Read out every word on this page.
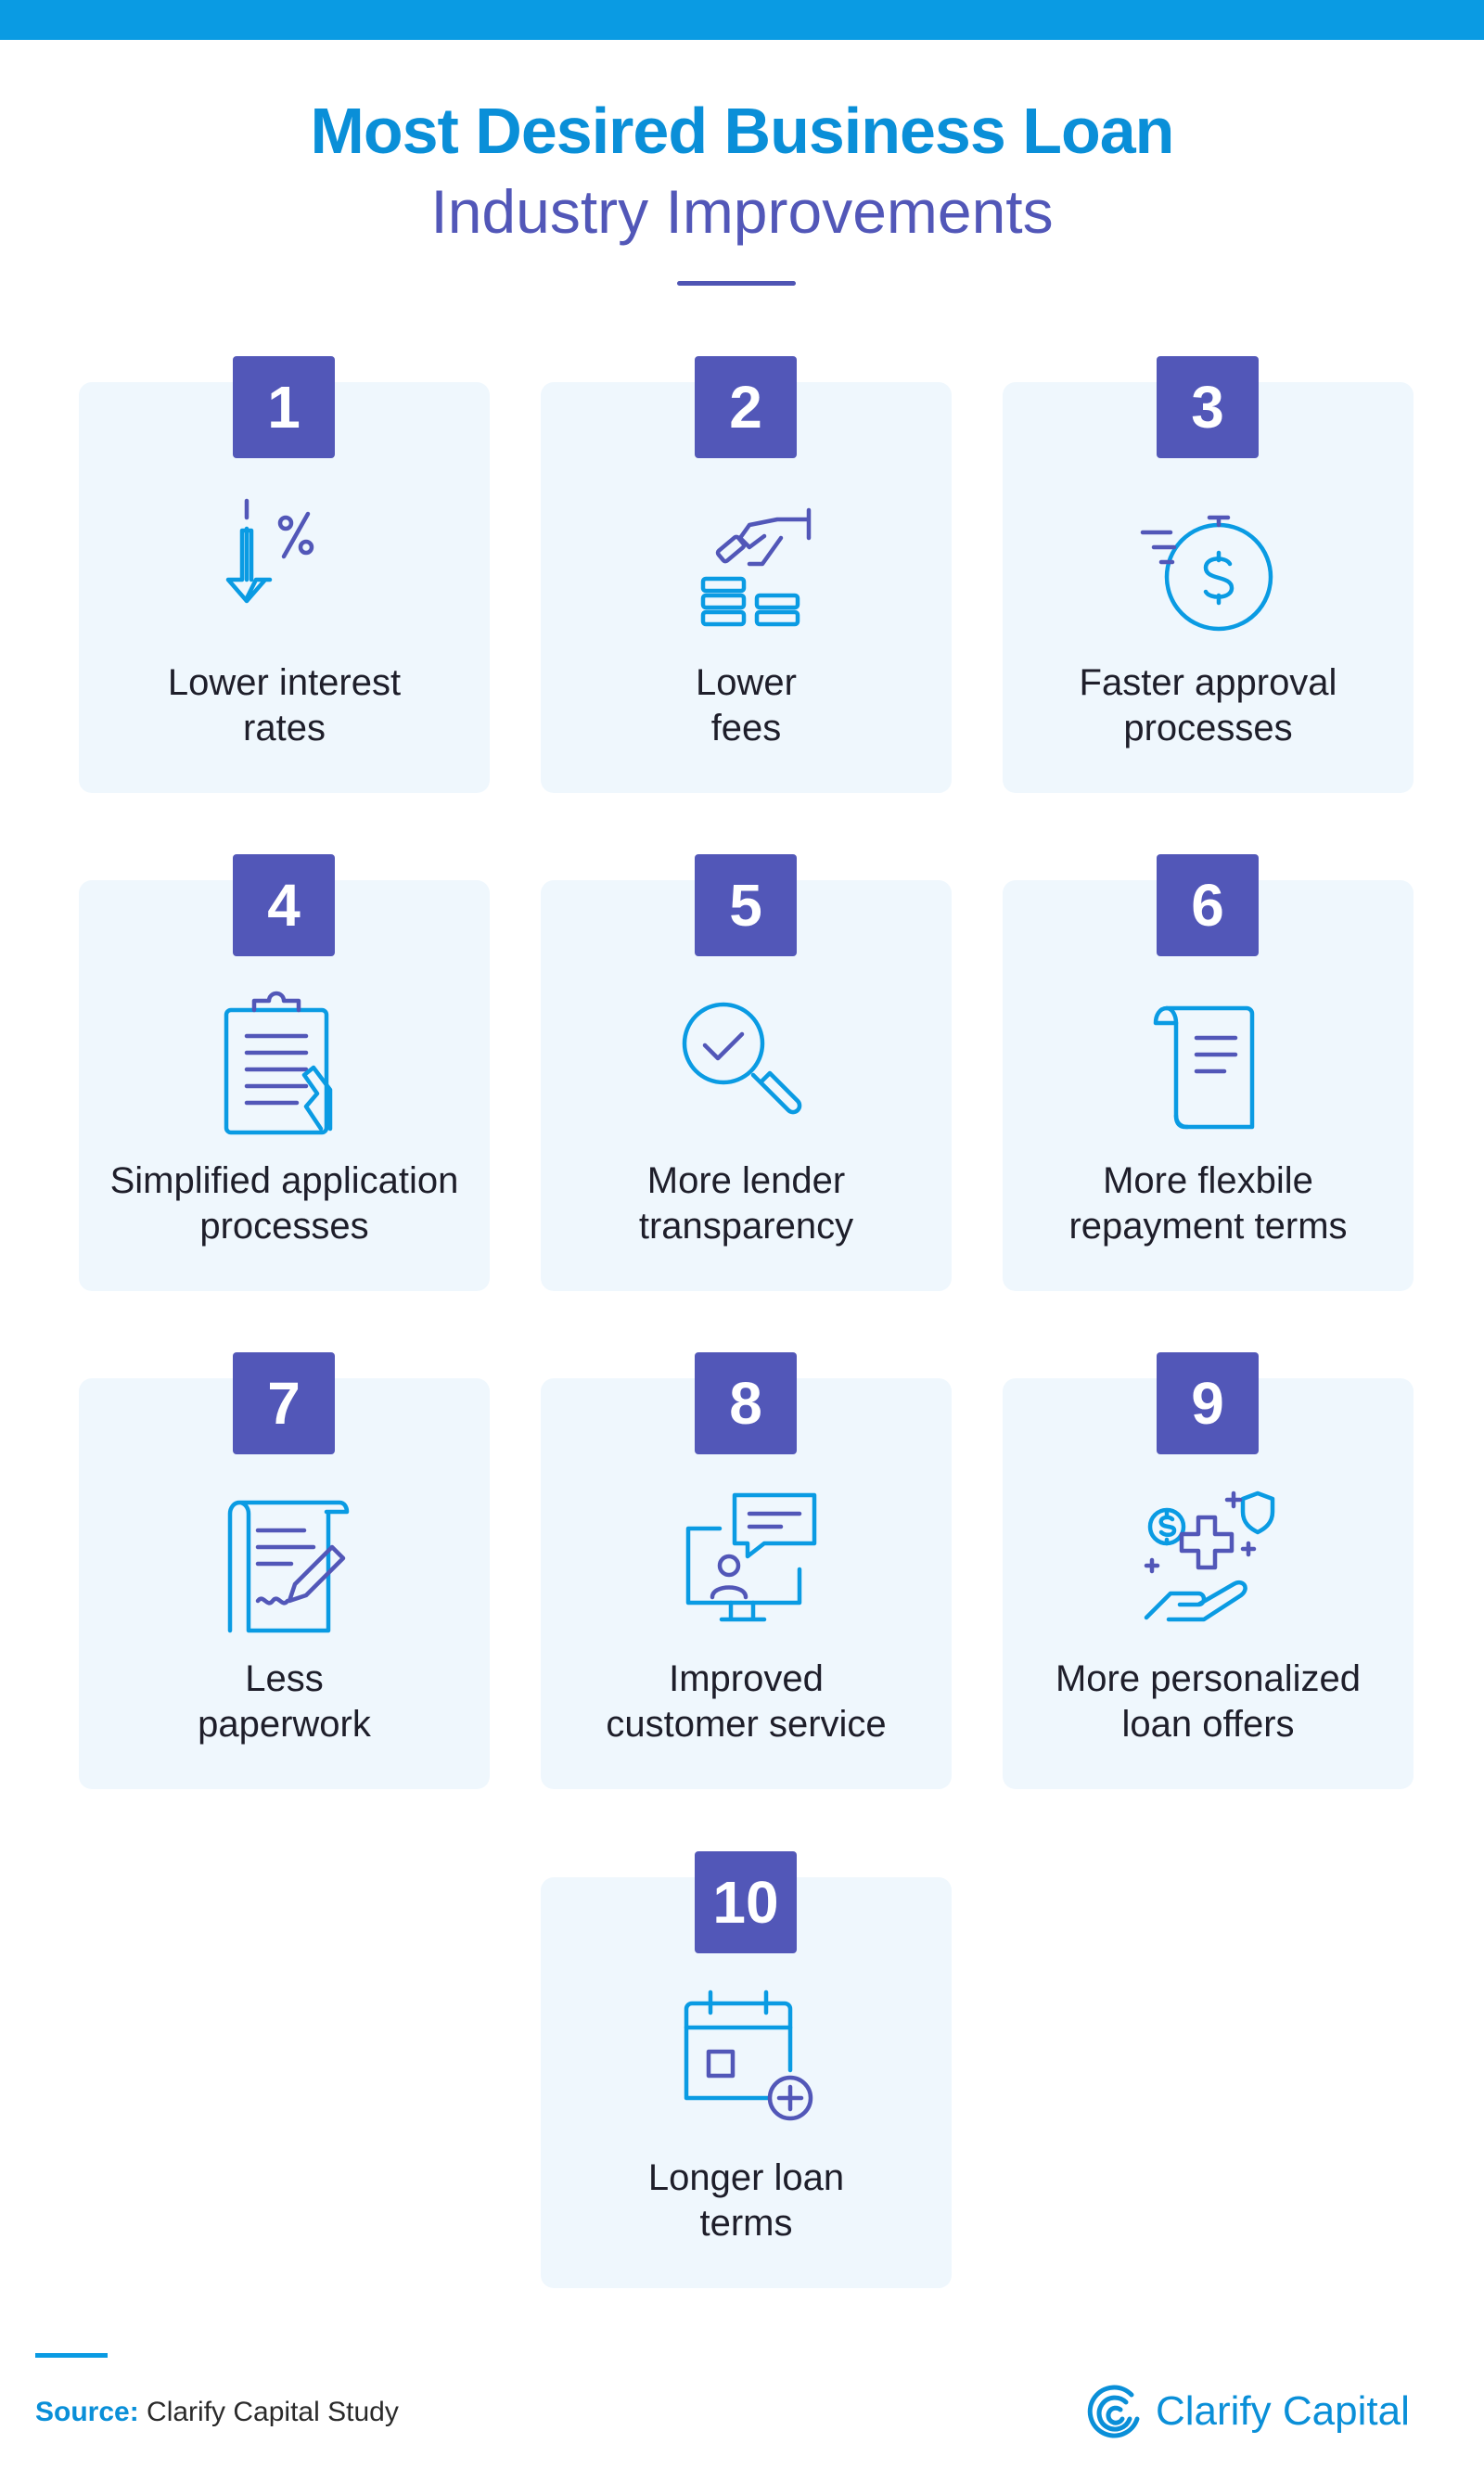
Most Desired Business Loan
Industry Improvements
1
Lower interest
rates
2
Lower
fees
3
Faster approval
processes
4
Simplified application
processes
5
More lender
transparency
6
More flexbile
repayment terms
7
Less
paperwork
8
Improved
customer service
9
More personalized
loan offers
10
Longer loan
terms
Source: Clarify Capital Study	Clarify Capital
